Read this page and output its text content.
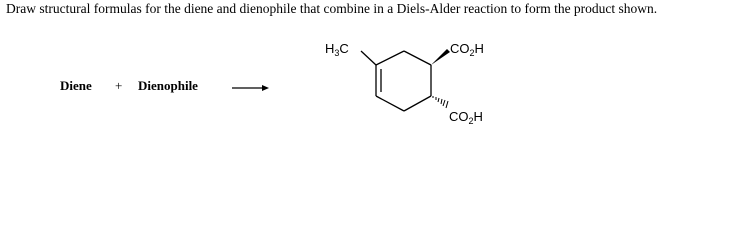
Draw structural formulas for the diene and dienophile that combine in a Diels-Alder reaction to form the product shown.
Diene + Dienophile
$H_3C$	$CO_2H$
$CO_2H$
